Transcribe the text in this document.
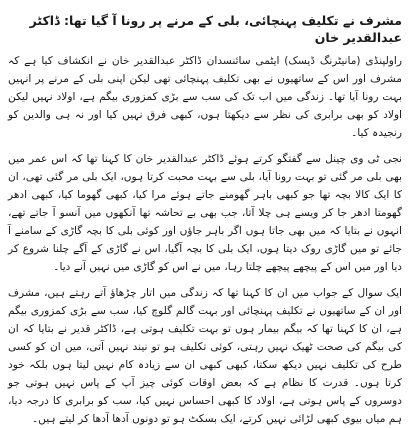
مشرف نے تکلیف پہنچائی، بلی کے مرنے پر رونا آ گیا تھا: ڈاکٹر عبدالقدیر خان

راولپنڈی (مانیٹرنگ ڈیسک) ایٹمی سائنسدان ڈاکٹر عبدالقدیر خان نے انکشاف کیا ہے کہ مشرف اور اس کے ساتھیوں نے بھی تکلیف پہنچائی تھی لیکن اپنی بلی کے مرنے پر انہیں بہت رونا آیا تھا۔ زندگی میں اب تک کی سب سے بڑی کمزوری بیگم ہے، اولاد نہیں لیکن اولاد کو بھی برابری کی نظر سے دیکھتا ہوں، کبھی فرق نہیں کیا اور نہ ہی والدین کو رنجیدہ کیا۔

نجی ٹی وی چینل سے گفتگو کرتے ہوئے ڈاکٹر عبدالقدیر خان کا کہنا تھا کہ اس عمر میں بھی بلی مر گئی تو بہت رونا آیا، بلی سے بہت محبت کرتا ہوں، ایک بلی مر گئی تھی، ان کا ایک کالا بچہ تھا جو کبھی باہر گھومنے جاتے ہوئے مرا کیا، کبھی گھوما کیا، کبھی ادھر گھومتا ادھر جا کر ویسے ہی چلا آتا، جب بھی بے تحاشہ تھا آنکھوں میں آنسو آ جاتے تھے، انہوں نے بتایا کہ میں بھی جاتا ہوں اگر باہر جاؤں اور کوئی بلی کا بچہ گاڑی کے سامنے آ جائے تو میں گاڑی روک دیتا ہوں، ایک بلی کا بچہ آگیا، اس نے گاڑی کے آگے چلنا شروع کر دیا اور میں اس کے پیچھے پیچھے چلتا رہا، میں نے اس کو گاڑی میں نہیں آنے دیا۔

ایک سوال کے جواب میں ان کا کہنا تھا کہ زندگی میں اتار چڑھاؤ آتے رہتے ہیں، مشرف اور ان کے ساتھیوں نے تکلیف پہنچائی اور بہت گالم گلوچ کیا، سب سے بڑی کمزوری بیگم ہے، ان کا کہنا تھا کہ بیگم بیمار ہوں تو بہت تکلیف ہوتی ہے، ڈاکٹر قدیر نے بتایا کہ ان کی بیگم کی صحت ٹھیک نہیں رہتی، کوئی تکلیف ہو تو نیند نہیں آتی، میں ان کو کسی طرح کی تکلیف نہیں دیکھ سکتا، کبھی کبھی ان سے زیادہ کام نہیں لیتا ہوں بلکہ خود کرتا ہوں۔ قدرت کا نظام ہے کہ بعض اوقات کوئی چیز آپ کے پاس نہیں ہوتی جو دوسروں کے پاس ہوتی ہے، اولاد کا کبھی احساس نہیں کیا، سب کو برابری کا درجہ دیا، ہم میاں بیوی کبھی لڑائی نہیں کرتے، ایک بسکٹ ہو تو دونوں آدھا آدھا کر لیتے ہیں۔
